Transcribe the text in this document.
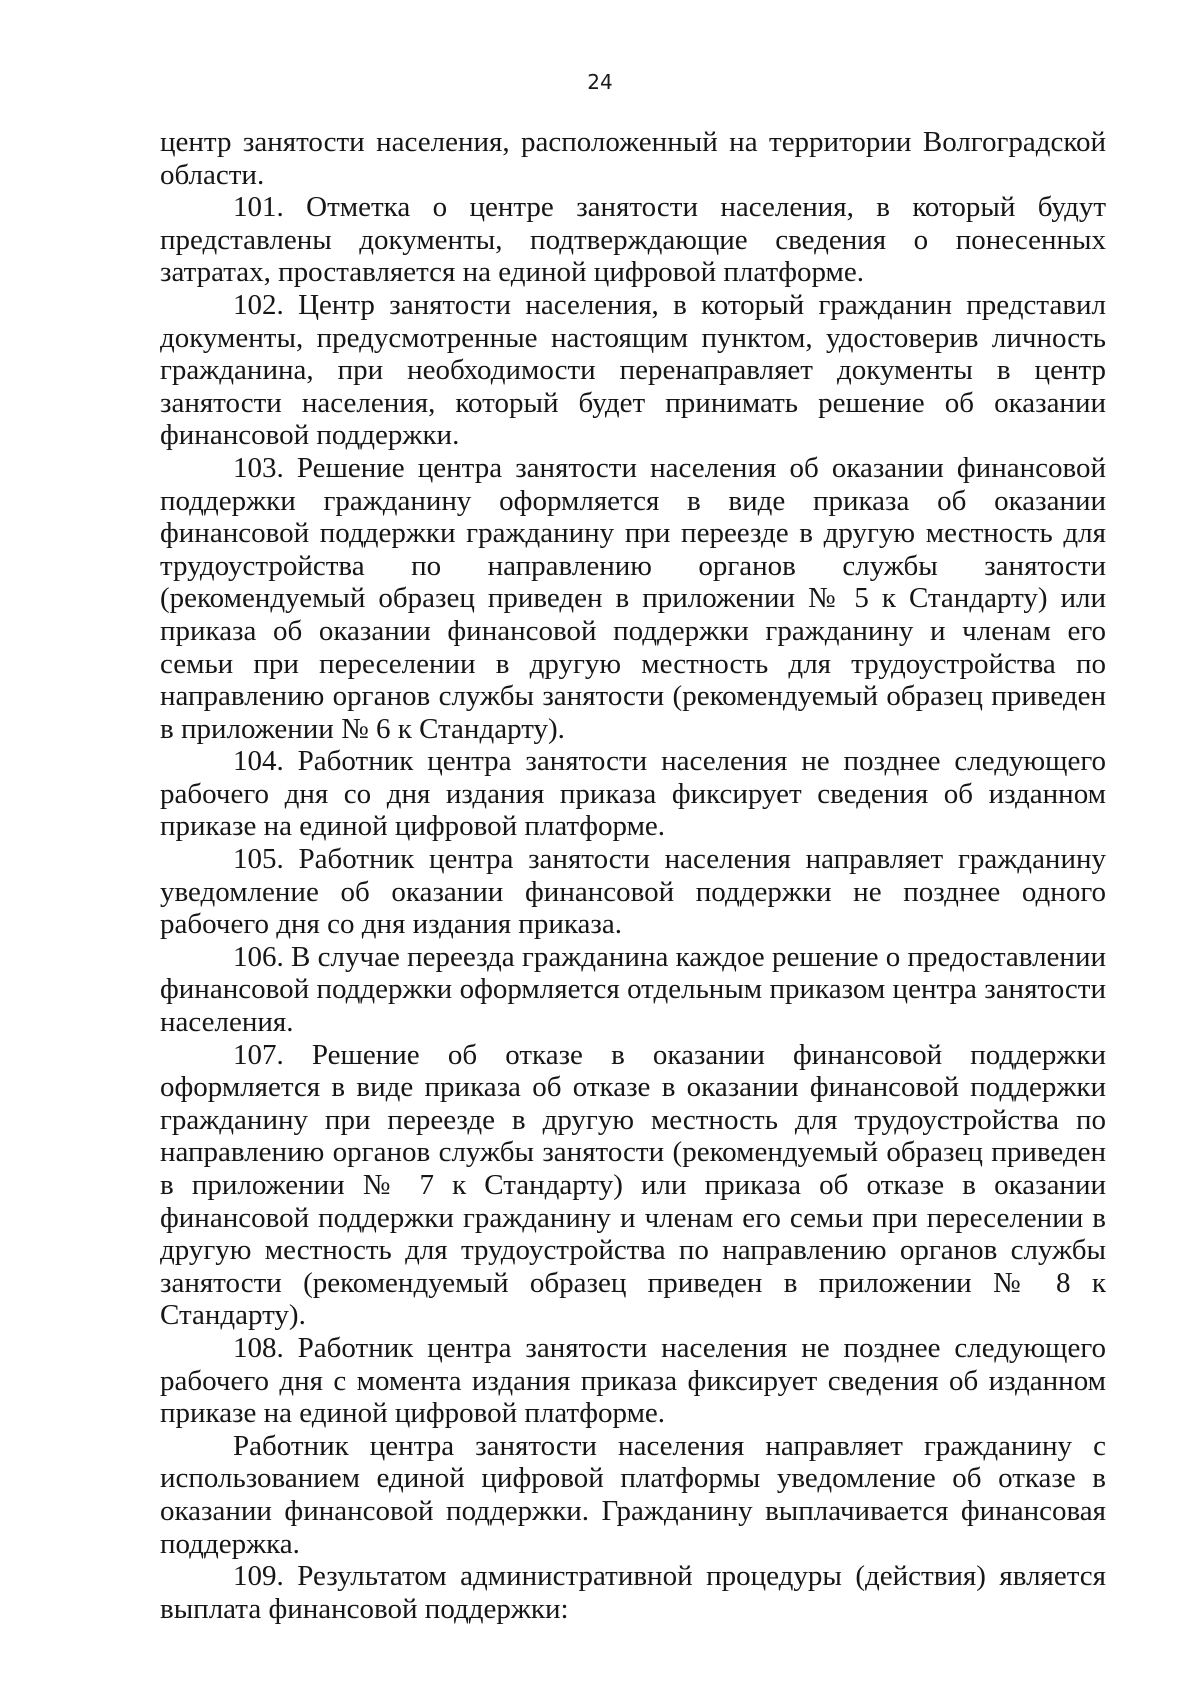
24

центр занятости населения, расположенный на территории Волгоградской области.

101. Отметка о центре занятости населения, в который будут представлены документы, подтверждающие сведения о понесенных затратах, проставляется на единой цифровой платформе.

102. Центр занятости населения, в который гражданин представил документы, предусмотренные настоящим пунктом, удостоверив личность гражданина, при необходимости перенаправляет документы в центр занятости населения, который будет принимать решение об оказании финансовой поддержки.

103. Решение центра занятости населения об оказании финансовой поддержки гражданину оформляется в виде приказа об оказании финансовой поддержки гражданину при переезде в другую местность для трудоустройства по направлению органов службы занятости (рекомендуемый образец приведен в приложении № 5 к Стандарту) или приказа об оказании финансовой поддержки гражданину и членам его семьи при переселении в другую местность для трудоустройства по направлению органов службы занятости (рекомендуемый образец приведен в приложении № 6 к Стандарту).

104. Работник центра занятости населения не позднее следующего рабочего дня со дня издания приказа фиксирует сведения об изданном приказе на единой цифровой платформе.

105. Работник центра занятости населения направляет гражданину уведомление об оказании финансовой поддержки не позднее одного рабочего дня со дня издания приказа.

106. В случае переезда гражданина каждое решение о предоставлении финансовой поддержки оформляется отдельным приказом центра занятости населения.

107. Решение об отказе в оказании финансовой поддержки оформляется в виде приказа об отказе в оказании финансовой поддержки гражданину при переезде в другую местность для трудоустройства по направлению органов службы занятости (рекомендуемый образец приведен в приложении № 7 к Стандарту) или приказа об отказе в оказании финансовой поддержки гражданину и членам его семьи при переселении в другую местность для трудоустройства по направлению органов службы занятости (рекомендуемый образец приведен в приложении № 8 к Стандарту).

108. Работник центра занятости населения не позднее следующего рабочего дня с момента издания приказа фиксирует сведения об изданном приказе на единой цифровой платформе.

Работник центра занятости населения направляет гражданину с использованием единой цифровой платформы уведомление об отказе в оказании финансовой поддержки. Гражданину выплачивается финансовая поддержка.

109. Результатом административной процедуры (действия) является выплата финансовой поддержки:
